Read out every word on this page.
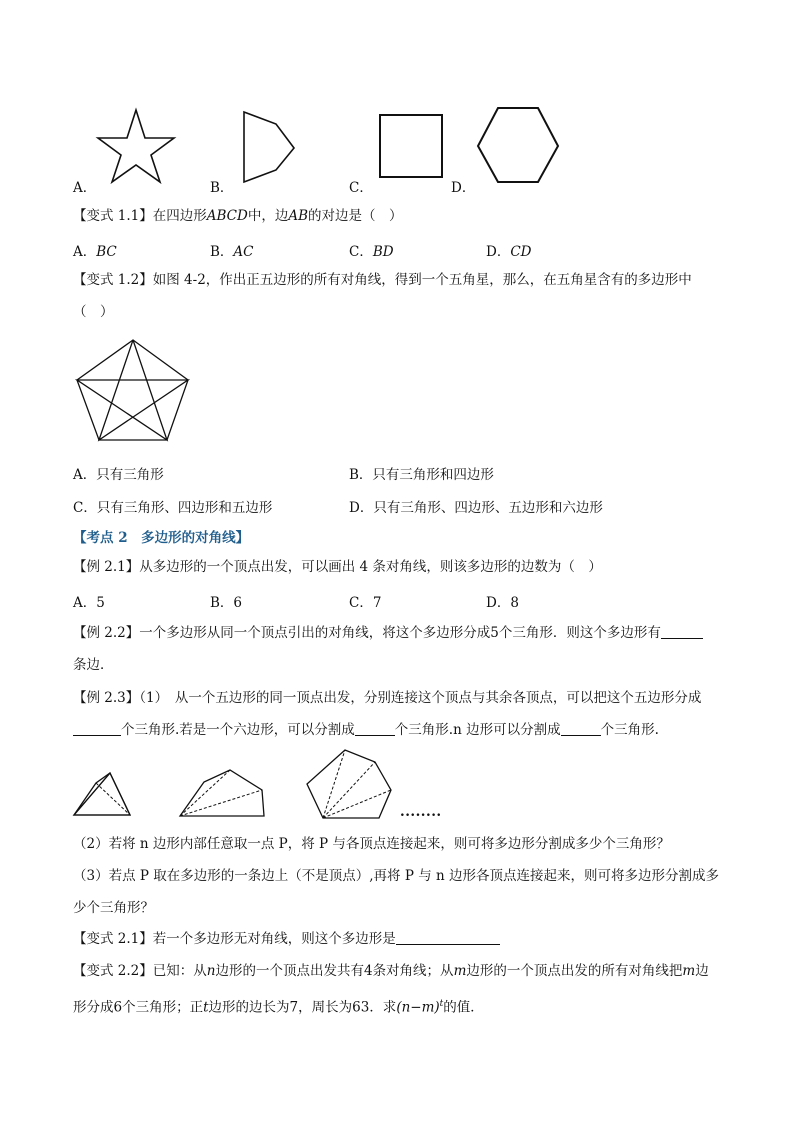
A．	B．	C．	D．
【变式 1.1】在四边形ABCD中，边AB的对边是（　）
A．BC	B．AC	C．BD	D．CD
【变式 1.2】如图 4-2，作出正五边形的所有对角线，得到一个五角星，那么，在五角星含有的多边形中
（　）
A．只有三角形	B．只有三角形和四边形
C．只有三角形、四边形和五边形	D．只有三角形、四边形、五边形和六边形
【考点 2　多边形的对角线】
【例 2.1】从多边形的一个顶点出发，可以画出 4 条对角线，则该多边形的边数为（　）
A．5	B．6	C．7	D．8
【例 2.2】一个多边形从同一个顶点引出的对角线，将这个多边形分成5个三角形．则这个多边形有
条边．
【例 2.3】（1）　从一个五边形的同一顶点出发，分别连接这个顶点与其余各顶点，可以把这个五边形分成
个三角形.若是一个六边形，可以分割成	个三角形.n 边形可以分割成	个三角形.
........
（2）若将 n 边形内部任意取一点 P，将 P 与各顶点连接起来，则可将多边形分割成多少个三角形？
（3）若点 P 取在多边形的一条边上（不是顶点）,再将 P 与 n 边形各顶点连接起来，则可将多边形分割成多
少个三角形？
【变式 2.1】若一个多边形无对角线，则这个多边形是
【变式 2.2】已知：从n边形的一个顶点出发共有4条对角线；从m边形的一个顶点出发的所有对角线把m边
形分成6个三角形；正t边形的边长为7，周长为63．求$(n-m)^t$的值．
